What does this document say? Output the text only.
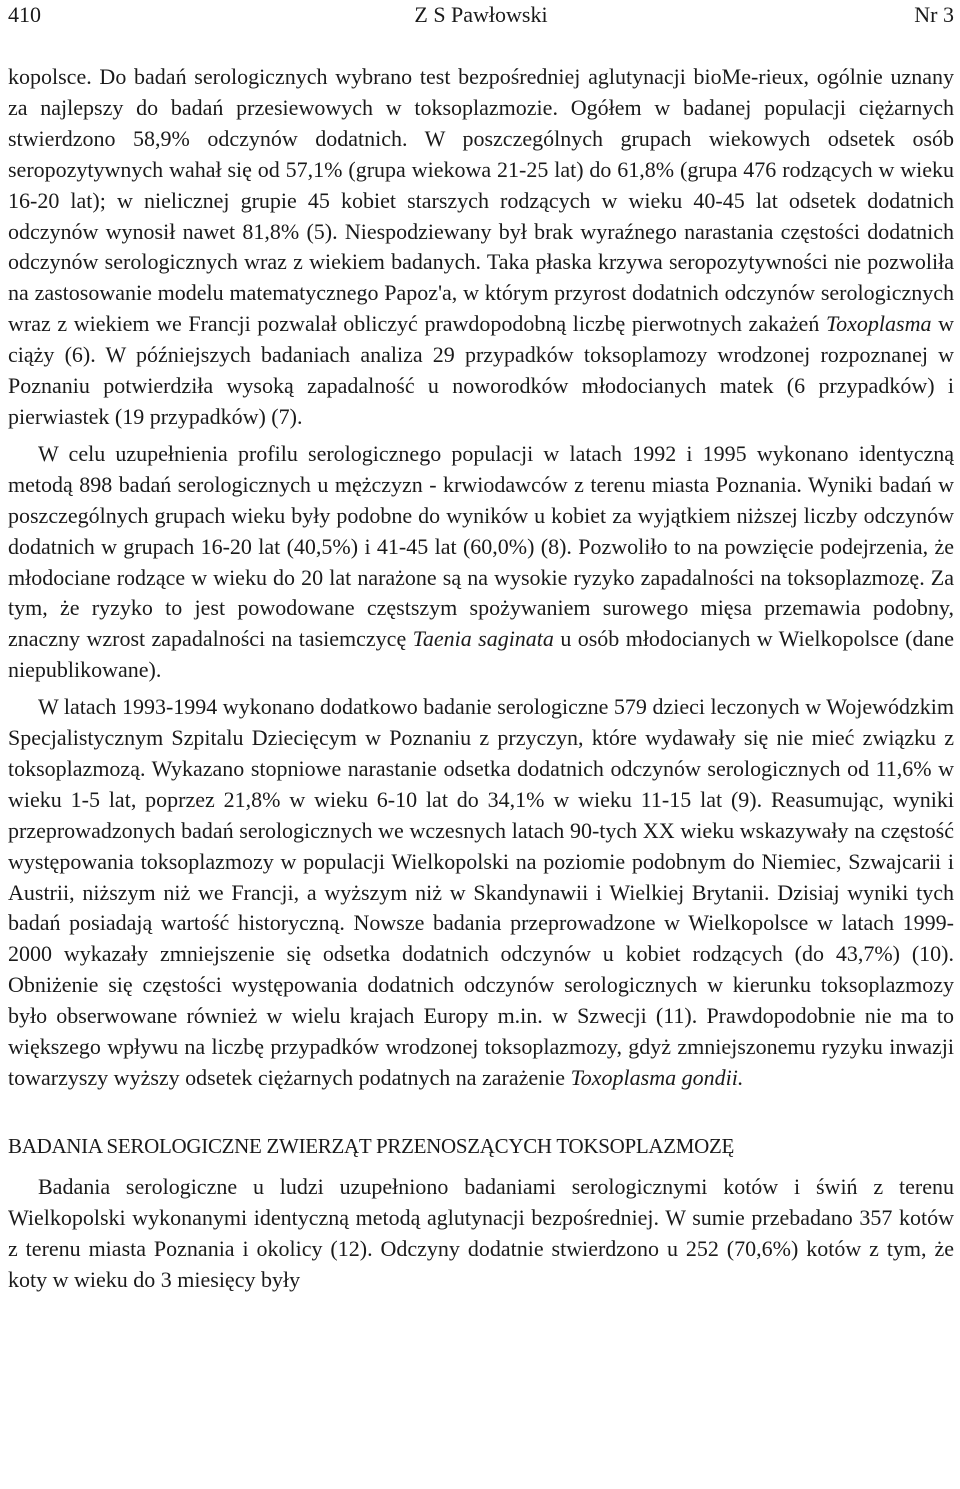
410	Z S Pawłowski	Nr 3

kopolsce. Do badań serologicznych wybrano test bezpośredniej aglutynacji bioMe-rieux, ogólnie uznany za najlepszy do badań przesiewowych w toksoplazmozie. Ogółem w badanej populacji ciężarnych stwierdzono 58,9% odczynów dodatnich. W poszczególnych grupach wiekowych odsetek osób seropozytywnych wahał się od 57,1% (grupa wiekowa 21-25 lat) do 61,8% (grupa 476 rodzących w wieku 16-20 lat); w nielicznej grupie 45 kobiet starszych rodzących w wieku 40-45 lat odsetek dodatnich odczynów wynosił nawet 81,8% (5). Niespodziewany był brak wyraźnego narastania częstości dodatnich odczynów serologicznych wraz z wiekiem badanych. Taka płaska krzywa seropozytywności nie pozwoliła na zastosowanie modelu matematycznego Papoz'a, w którym przyrost dodatnich odczynów serologicznych wraz z wiekiem we Francji pozwalał obliczyć prawdopodobną liczbę pierwotnych zakażeń Toxoplasma w ciąży (6). W późniejszych badaniach analiza 29 przypadków toksoplamozy wrodzonej rozpoznanej w Poznaniu potwierdziła wysoką zapadalność u noworodków młodocianych matek (6 przypadków) i pierwiastek (19 przypadków) (7).

W celu uzupełnienia profilu serologicznego populacji w latach 1992 i 1995 wykonano identyczną metodą 898 badań serologicznych u mężczyzn - krwiodawców z terenu miasta Poznania. Wyniki badań w poszczególnych grupach wieku były podobne do wyników u kobiet za wyjątkiem niższej liczby odczynów dodatnich w grupach 16-20 lat (40,5%) i 41-45 lat (60,0%) (8). Pozwoliło to na powzięcie podejrzenia, że młodociane rodzące w wieku do 20 lat narażone są na wysokie ryzyko zapadalności na toksoplazmozę. Za tym, że ryzyko to jest powodowane częstszym spożywaniem surowego mięsa przemawia podobny, znaczny wzrost zapadalności na tasiemczycę Taenia saginata u osób młodocianych w Wielkopolsce (dane niepublikowane).

W latach 1993-1994 wykonano dodatkowo badanie serologiczne 579 dzieci leczonych w Wojewódzkim Specjalistycznym Szpitalu Dziecięcym w Poznaniu z przyczyn, które wydawały się nie mieć związku z toksoplazmozą. Wykazano stopniowe narastanie odsetka dodatnich odczynów serologicznych od 11,6% w wieku 1-5 lat, poprzez 21,8% w wieku 6-10 lat do 34,1% w wieku 11-15 lat (9). Reasumując, wyniki przeprowadzonych badań serologicznych we wczesnych latach 90-tych XX wieku wskazywały na częstość występowania toksoplazmozy w populacji Wielkopolski na poziomie podobnym do Niemiec, Szwajcarii i Austrii, niższym niż we Francji, a wyższym niż w Skandynawii i Wielkiej Brytanii. Dzisiaj wyniki tych badań posiadają wartość historyczną. Nowsze badania przeprowadzone w Wielkopolsce w latach 1999-2000 wykazały zmniejszenie się odsetka dodatnich odczynów u kobiet rodzących (do 43,7%) (10). Obniżenie się częstości występowania dodatnich odczynów serologicznych w kierunku toksoplazmozy było obserwowane również w wielu krajach Europy m.in. w Szwecji (11). Prawdopodobnie nie ma to większego wpływu na liczbę przypadków wrodzonej toksoplazmozy, gdyż zmniejszonemu ryzyku inwazji towarzyszy wyższy odsetek ciężarnych podatnych na zarażenie Toxoplasma gondii.

BADANIA SEROLOGICZNE ZWIERZĄT PRZENOSZĄCYCH TOKSOPLAZMOZĘ

Badania serologiczne u ludzi uzupełniono badaniami serologicznymi kotów i świń z terenu Wielkopolski wykonanymi identyczną metodą aglutynacji bezpośredniej. W sumie przebadano 357 kotów z terenu miasta Poznania i okolicy (12). Odczyny dodatnie stwierdzono u 252 (70,6%) kotów z tym, że koty w wieku do 3 miesięcy były
